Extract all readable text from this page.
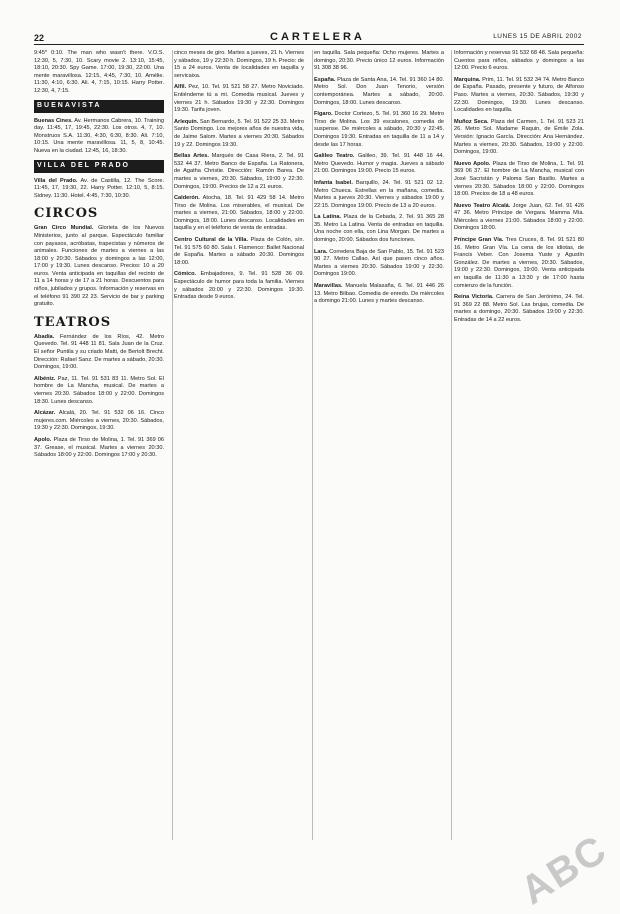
22	CARTELERA	LUNES 15 DE ABRIL 2002

9:45* 0:10. The man who wasn't there. V.O.S. 12:30, 5, 7:30, 10. Scary movie 2. 13:10, 15:45, 18:10, 20:30. Spy Game. 17:00, 19:30, 22:00. Una mente maravillosa. 12:15, 4:45, 7:30, 10. Amélie. 11:30, 4:10, 6:30. Ali. 4, 7:15, 10:15. Harry Potter. 12:30, 4, 7:15.

BUENAVISTA

Buenas Cines. Av. Hermanos Cabrera, 10. Training day. 11:45, 17, 19:45, 22:30. Los otros. 4, 7, 10. Monstruos S.A. 11:30, 4:30, 6:30, 8:30. Ali. 7:10, 10:15. Una mente maravillosa. 11, 5, 8, 10:45. Nueva en la ciudad. 12:45, 16, 18:30.

VILLA DEL PRADO

Villa del Prado. Av. de Castilla, 12. The Score. 11:45, 17, 19:30, 22. Harry Potter. 12:10, 5, 8:15. Sidney. 11:30. Hotel. 4:45, 7:30, 10:30.

CIRCOS

Gran Circo Mundial. Glorieta de los Nuevos Ministerios, junto al parque. Espectáculo familiar con payasos, acróbatas, trapecistas y números de animales. Funciones de martes a viernes a las 18:00 y 20:30. Sábados y domingos a las 12:00, 17:00 y 19:30. Lunes descanso. Precios: 10 a 20 euros. Venta anticipada en taquillas del recinto de 11 a 14 horas y de 17 a 21 horas. Descuentos para niños, jubilados y grupos. Información y reservas en el teléfono 91 390 22 23. Servicio de bar y parking gratuito.

TEATROS

Abadía. Fernández de los Ríos, 42. Metro Quevedo. Tel. 91 448 11 81. Sala Juan de la Cruz. El señor Puntila y su criado Matti, de Bertolt Brecht. Dirección: Rafael Sanz. De martes a sábado, 20:30. Domingos, 19:00.

Albéniz. Paz, 11. Tel. 91 531 83 11. Metro Sol. El hombre de La Mancha, musical. De martes a viernes 20:30. Sábados 18:00 y 22:00. Domingos 18:30. Lunes descanso.

Alcázar. Alcalá, 20. Tel. 91 532 06 16. Cinco mujeres.com. Miércoles a viernes, 20:30. Sábados, 19:30 y 22:30. Domingos, 19:30.

Apolo. Plaza de Tirso de Molina, 1. Tel. 91 369 06 37. Grease, el musical. Martes a viernes 20:30. Sábados 18:00 y 22:00. Domingos 17:00 y 20:30.

cinco meses de giro. Martes a jueves, 21 h. Viernes y sábados, 19 y 22:30 h. Domingos, 19 h. Precio: de 15 a 24 euros. Venta de localidades en taquilla y servicaixa.

Alfil. Pez, 10. Tel. 91 521 58 27. Metro Noviciado. Entiéndeme tú a mí. Comedia musical. Jueves y viernes 21 h. Sábados 19:30 y 22:30. Domingos 19:30. Tarifa joven.

Arlequín. San Bernardo, 5. Tel. 91 522 25 33. Metro Santo Domingo. Los mejores años de nuestra vida, de Jaime Salom. Martes a viernes 20:30. Sábados 19 y 22. Domingos 19:30.

Bellas Artes. Marqués de Casa Riera, 2. Tel. 91 532 44 37. Metro Banco de España. La Ratonera, de Agatha Christie. Dirección: Ramón Barea. De martes a viernes, 20:30. Sábados, 19:00 y 22:30. Domingos, 19:00. Precios de 12 a 21 euros.

Calderón. Atocha, 18. Tel. 91 429 58 14. Metro Tirso de Molina. Los miserables, el musical. De martes a viernes, 21:00. Sábados, 18:00 y 22:00. Domingos, 18:00. Lunes descanso. Localidades en taquilla y en el teléfono de venta de entradas.

Centro Cultural de la Villa. Plaza de Colón, s/n. Tel. 91 575 60 80. Sala I. Flamenco: Ballet Nacional de España. Martes a sábado 20:30. Domingos 18:00.

Cómico. Embajadores, 9. Tel. 91 528 36 09. Espectáculo de humor para toda la familia. Viernes y sábados 20:00 y 22:30. Domingos 19:30. Entradas desde 9 euros.

en taquilla. Sala pequeña: Ocho mujeres. Martes a domingo, 20:30. Precio único 12 euros. Información 91 308 38 96.

España. Plaza de Santa Ana, 14. Tel. 91 360 14 80. Metro Sol. Don Juan Tenorio, versión contemporánea. Martes a sábado, 20:00. Domingos, 18:00. Lunes descanso.

Fígaro. Doctor Cortezo, 5. Tel. 91 360 16 29. Metro Tirso de Molina. Los 39 escalones, comedia de suspense. De miércoles a sábado, 20:30 y 22:45. Domingos 19:30. Entradas en taquilla de 11 a 14 y desde las 17 horas.

Galileo Teatro. Galileo, 39. Tel. 91 448 16 44. Metro Quevedo. Humor y magia. Jueves a sábado 21:00. Domingos 19:00. Precio 15 euros.

Infanta Isabel. Barquillo, 24. Tel. 91 521 02 12. Metro Chueca. Estrellas en la mañana, comedia. Martes a jueves 20:30. Viernes y sábados 19:00 y 22:15. Domingos 19:00. Precio de 13 a 20 euros.

La Latina. Plaza de la Cebada, 2. Tel. 91 365 28 35. Metro La Latina. Venta de entradas en taquilla. Una noche con ella, con Lina Morgan. De martes a domingo, 20:00. Sábados dos funciones.

Lara. Corredera Baja de San Pablo, 15. Tel. 91 523 90 27. Metro Callao. Así que pasen cinco años. Martes a viernes 20:30. Sábados 19:00 y 22:30. Domingos 19:00.

Maravillas. Manuela Malasaña, 6. Tel. 91 446 26 13. Metro Bilbao. Comedia de enredo. De miércoles a domingo 21:00. Lunes y martes descanso.

Información y reservas 91 532 68 48. Sala pequeña: Cuentos para niños, sábados y domingos a las 12:00. Precio 6 euros.

Marquina. Prim, 11. Tel. 91 532 34 74. Metro Banco de España. Pasado, presente y futuro, de Alfonso Paso. Martes a viernes, 20:30. Sábados, 19:30 y 22:30. Domingos, 19:30. Lunes descanso. Localidades en taquilla.

Muñoz Seca. Plaza del Carmen, 1. Tel. 91 523 21 26. Metro Sol. Madame Raquin, de Émile Zola. Versión: Ignacio García. Dirección: Ana Hernández. Martes a viernes, 20:30. Sábados, 19:00 y 22:00. Domingos, 19:00.

Nuevo Apolo. Plaza de Tirso de Molina, 1. Tel. 91 369 06 37. El hombre de La Mancha, musical con José Sacristán y Paloma San Basilio. Martes a viernes 20:30. Sábados 18:00 y 22:00. Domingos 18:00. Precios de 18 a 48 euros.

Nuevo Teatro Alcalá. Jorge Juan, 62. Tel. 91 426 47 36. Metro Príncipe de Vergara. Mamma Mía. Miércoles a viernes 21:00. Sábados 18:00 y 22:00. Domingos 18:00.

Príncipe Gran Vía. Tres Cruces, 8. Tel. 91 521 80 16. Metro Gran Vía. La cena de los idiotas, de Francis Veber. Con Josema Yuste y Agustín González. De martes a viernes, 20:30. Sábados, 19:00 y 22:30. Domingos, 19:00. Venta anticipada en taquilla de 11:30 a 13:30 y de 17:00 hasta comienzo de la función.

Reina Victoria. Carrera de San Jerónimo, 24. Tel. 91 369 22 88. Metro Sol. Las brujas, comedia. De martes a domingo, 20:30. Sábados 19:00 y 22:30. Entradas de 14 a 22 euros.

ABC
